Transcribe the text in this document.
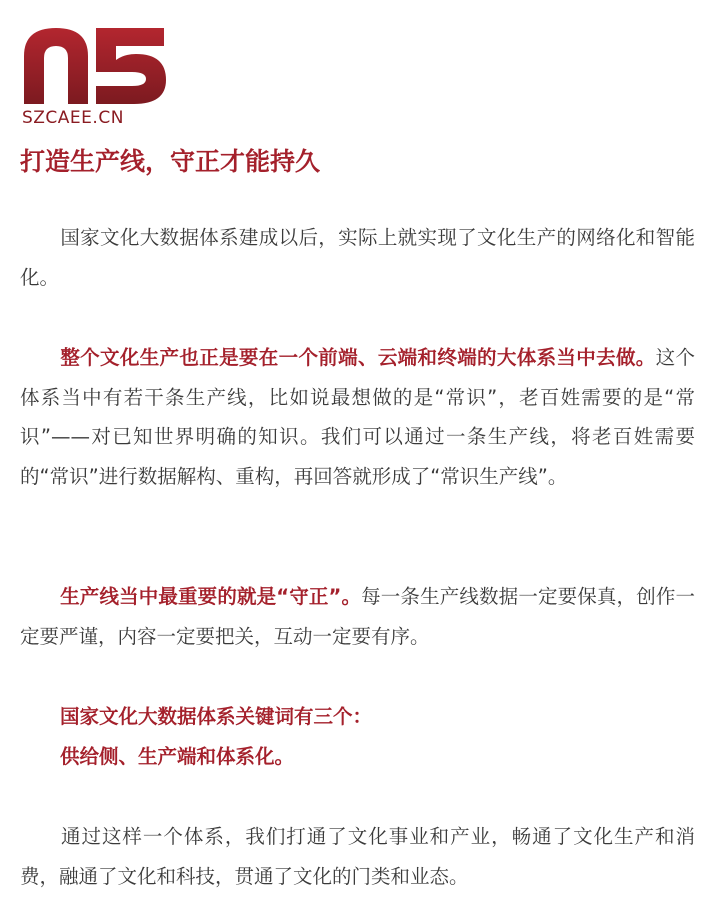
SZCAEE.CN
打造生产线，守正才能持久

国家文化大数据体系建成以后，实际上就实现了文化生产的网络化和智能化。

整个文化生产也正是要在一个前端、云端和终端的大体系当中去做。这个体系当中有若干条生产线，比如说最想做的是“常识”，老百姓需要的是“常识”——对已知世界明确的知识。我们可以通过一条生产线，将老百姓需要的“常识”进行数据解构、重构，再回答就形成了“常识生产线”。

生产线当中最重要的就是“守正”。每一条生产线数据一定要保真，创作一定要严谨，内容一定要把关，互动一定要有序。

国家文化大数据体系关键词有三个：
供给侧、生产端和体系化。

通过这样一个体系，我们打通了文化事业和产业，畅通了文化生产和消费，融通了文化和科技，贯通了文化的门类和业态。
